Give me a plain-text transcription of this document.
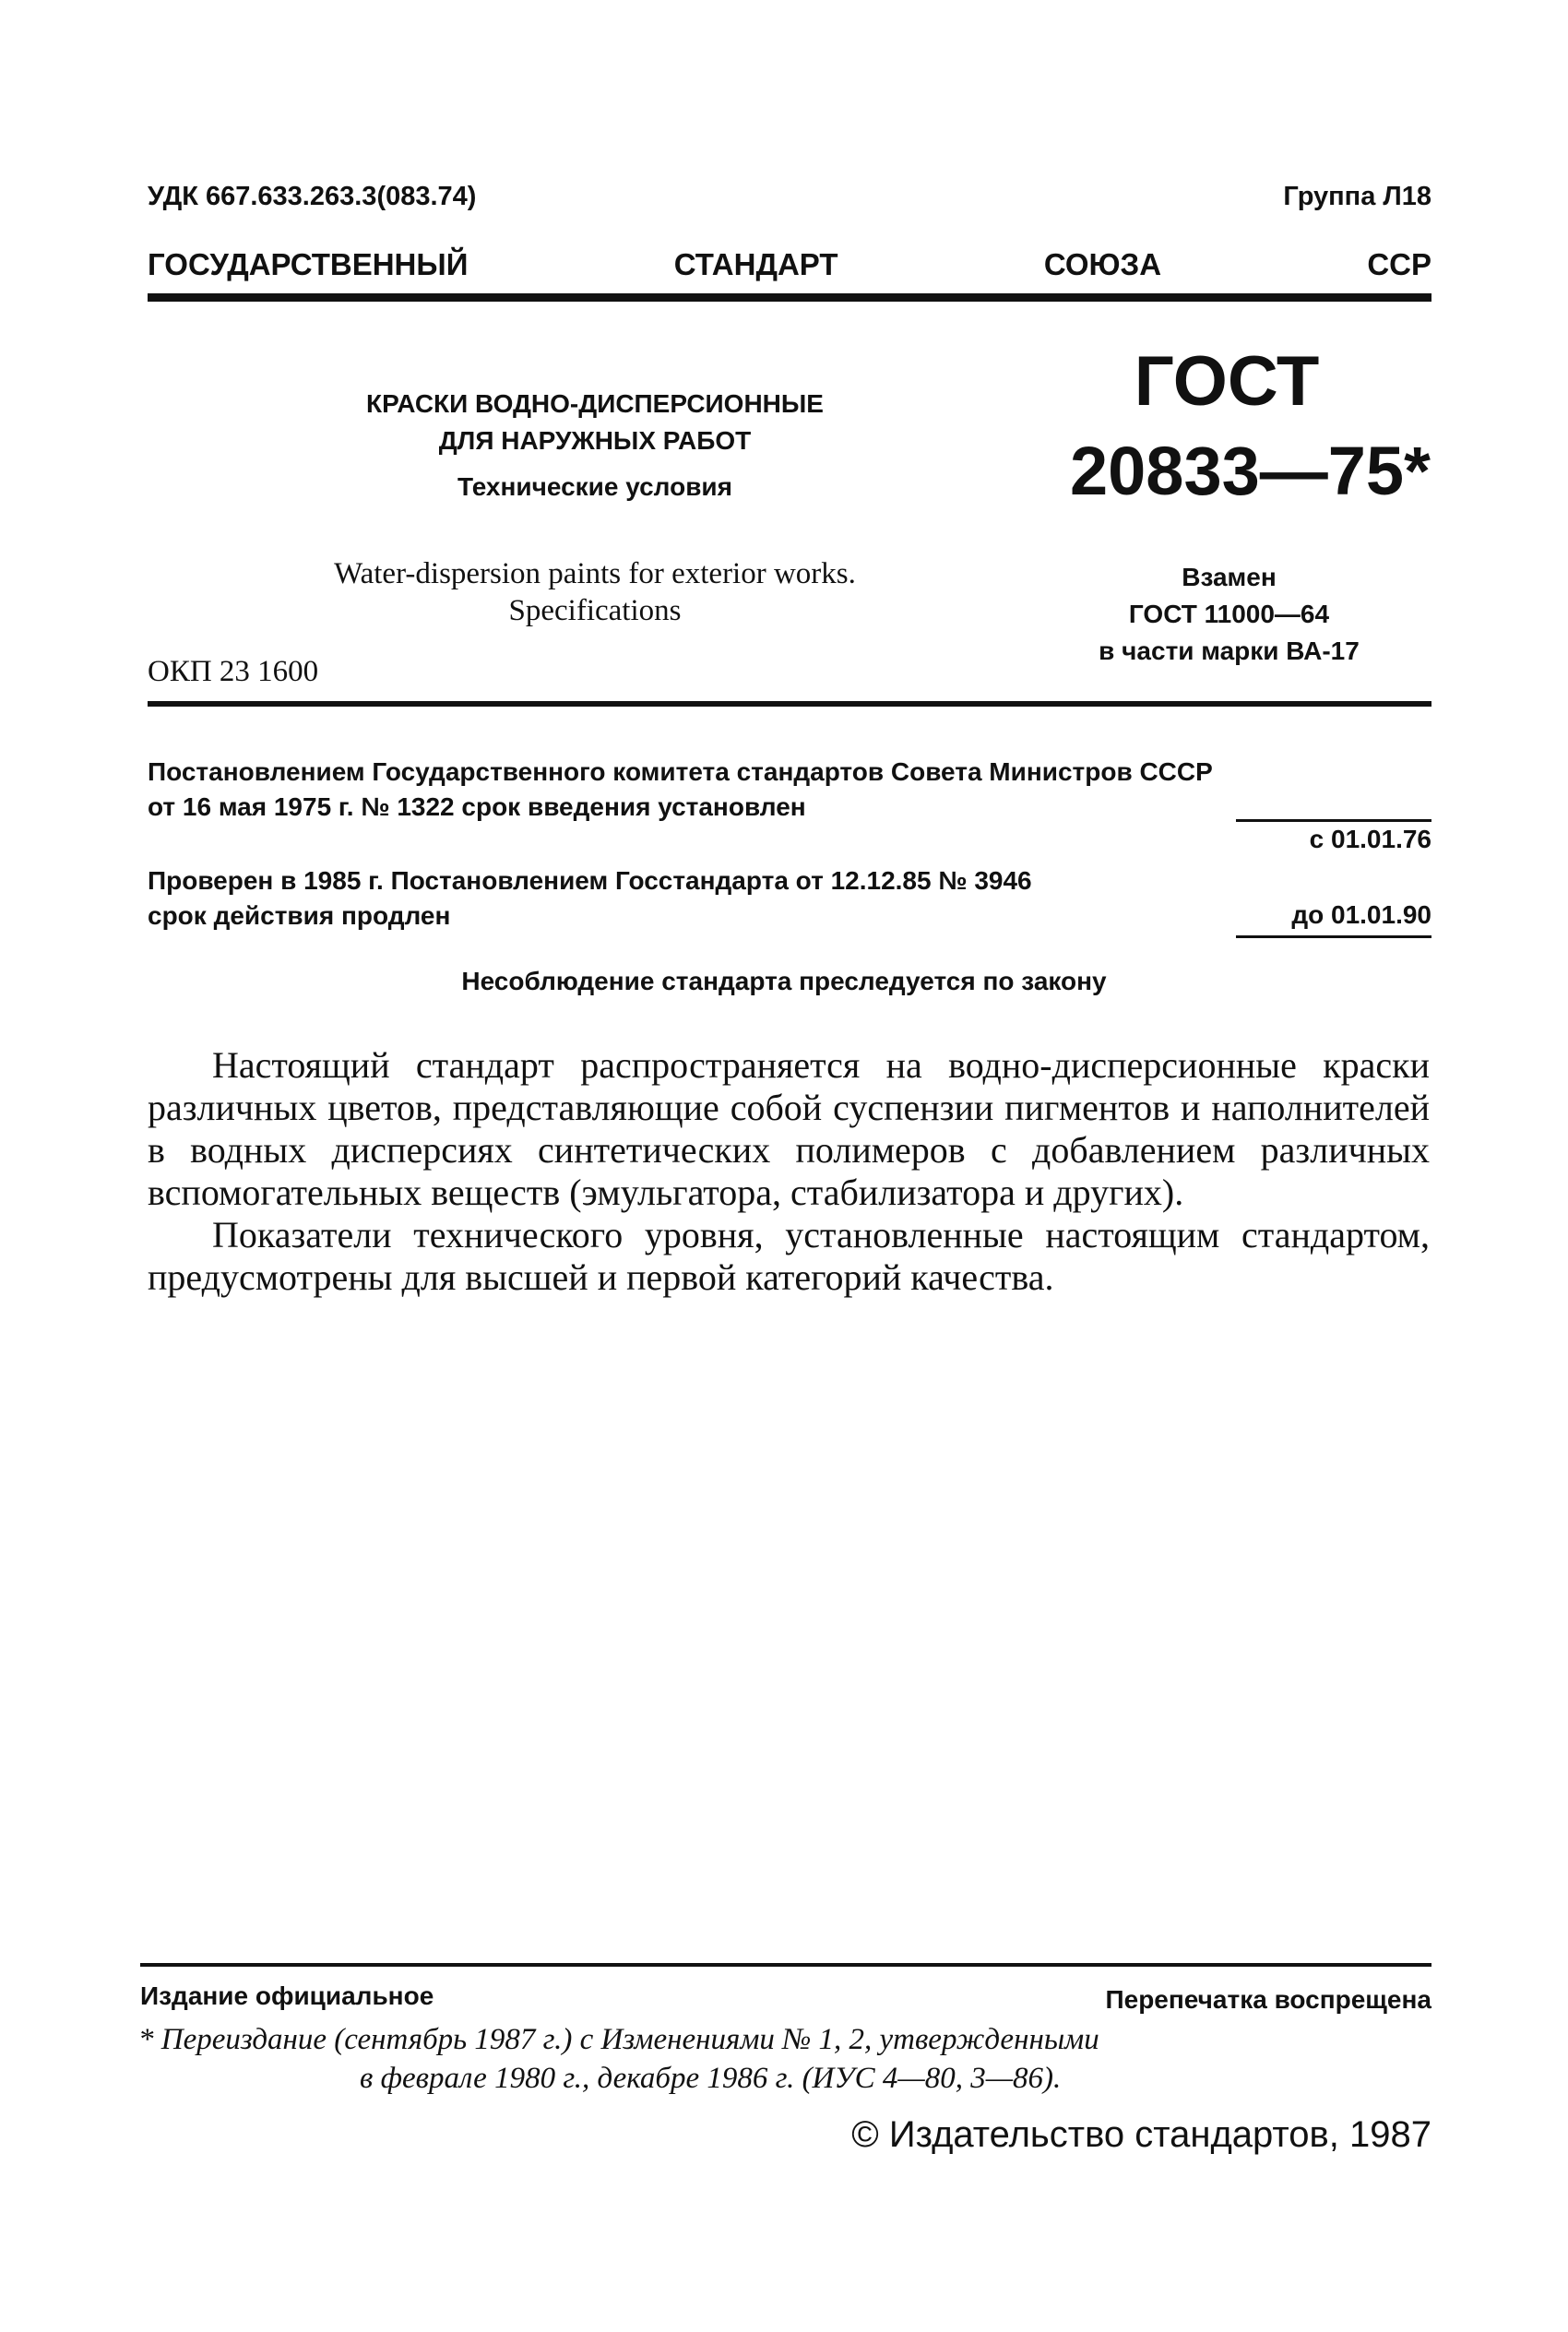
УДК 667.633.263.3(083.74)	Группа Л18
ГОСУДАРСТВЕННЫЙ	СТАНДАРТ	СОЮЗА	ССР
КРАСКИ ВОДНО-ДИСПЕРСИОННЫЕ
ДЛЯ НАРУЖНЫХ РАБОТ
Технические условия
Water-dispersion paints for exterior works.
Specifications
ОКП 23 1600
ГОСТ
20833—75*
Взамен
ГОСТ 11000—64
в части марки ВА-17
Постановлением Государственного комитета стандартов Совета Министров СССР
от 16 мая 1975 г. № 1322 срок введения установлен
с 01.01.76
Проверен в 1985 г. Постановлением Госстандарта от 12.12.85 № 3946
срок действия продлен	до 01.01.90
Несоблюдение стандарта преследуется по закону

Настоящий стандарт распространяется на водно-дисперсионные краски различных цветов, представляющие собой суспензии пигментов и наполнителей в водных дисперсиях синтетических полимеров с добавлением различных вспомогательных веществ (эмульгатора, стабилизатора и других).

Показатели технического уровня, установленные настоящим стандартом, предусмотрены для высшей и первой категорий качества.

Издание официальное	Перепечатка воспрещена
* Переиздание (сентябрь 1987 г.) с Изменениями № 1, 2, утвержденными
в феврале 1980 г., декабре 1986 г. (ИУС 4—80, 3—86).
© Издательство стандартов, 1987
